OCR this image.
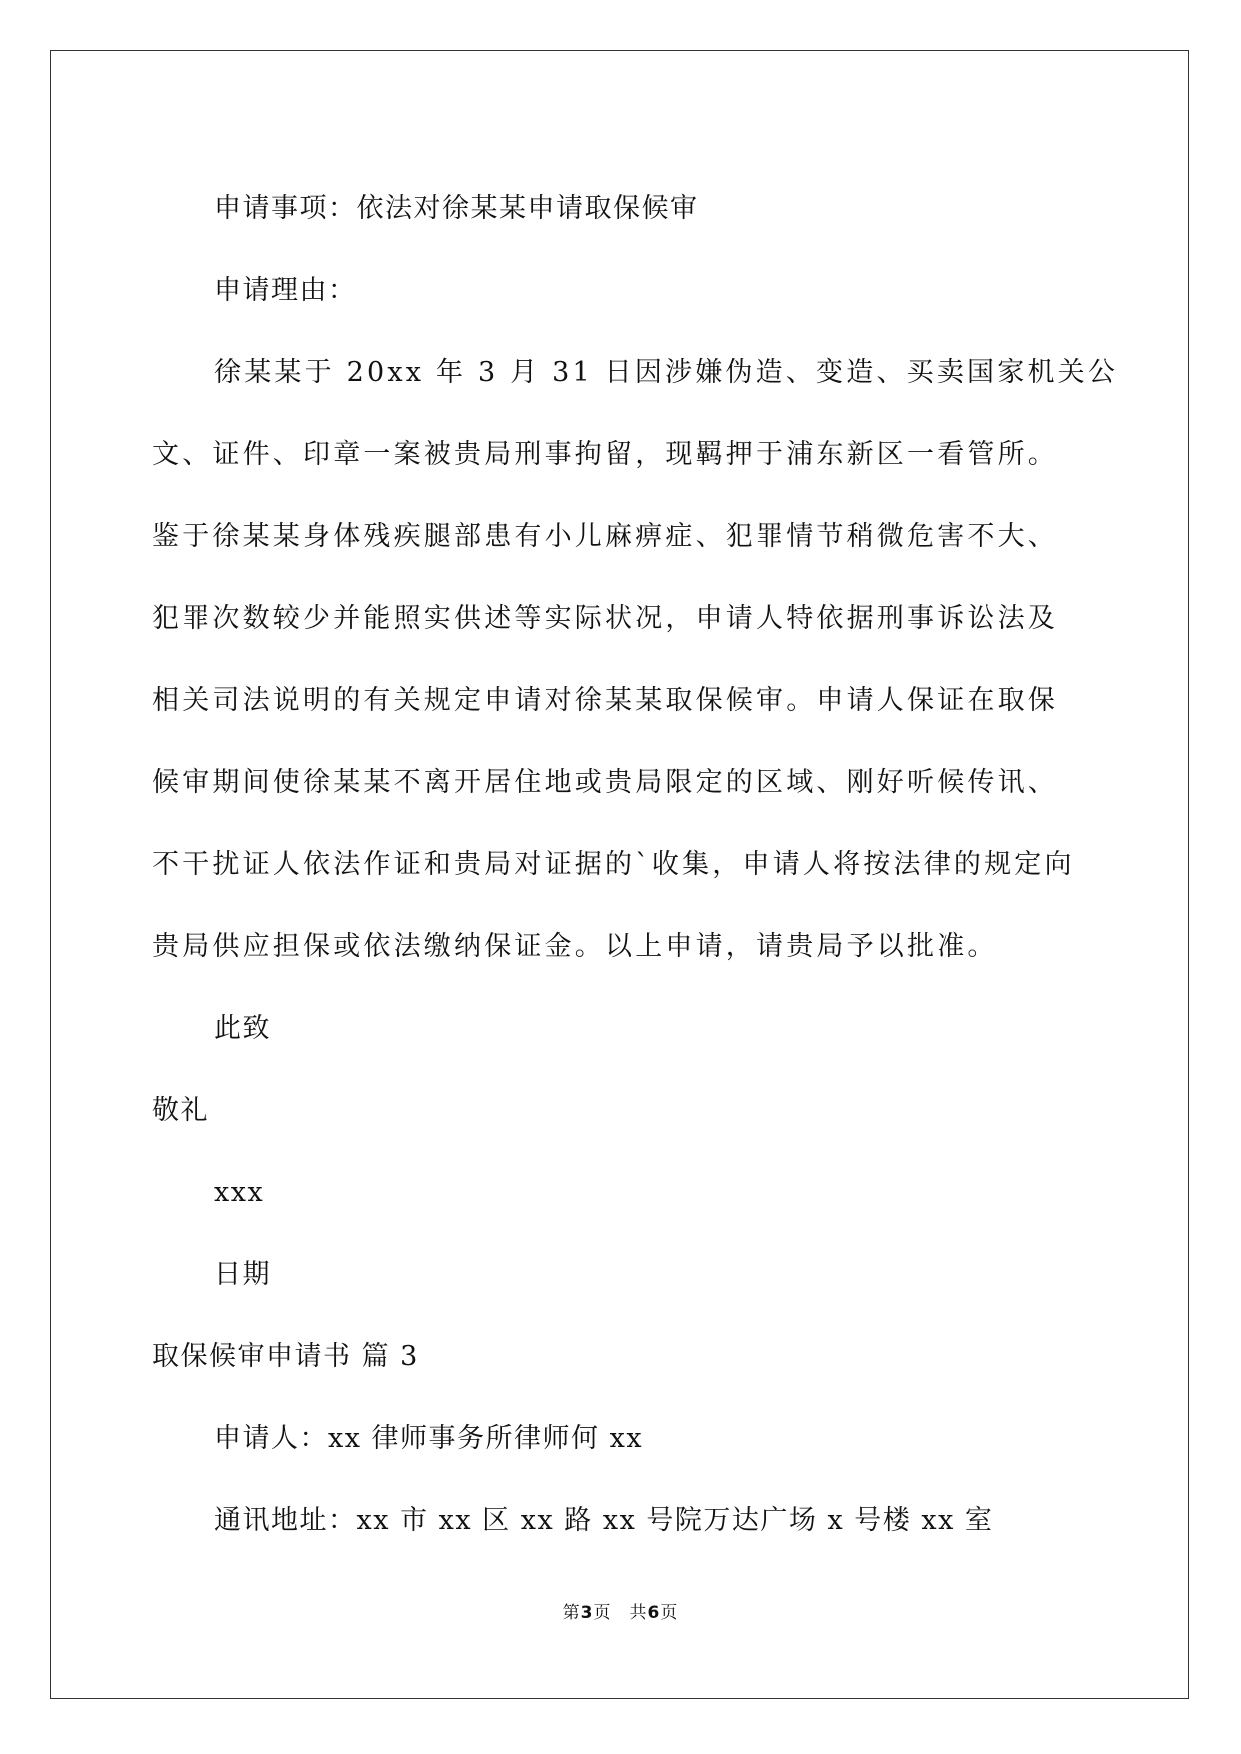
申请事项：依法对徐某某申请取保候审
申请理由：
徐某某于 20xx 年 3 月 31 日因涉嫌伪造、变造、买卖国家机关公
文、证件、印章一案被贵局刑事拘留，现羁押于浦东新区一看管所。
鉴于徐某某身体残疾腿部患有小儿麻痹症、犯罪情节稍微危害不大、
犯罪次数较少并能照实供述等实际状况，申请人特依据刑事诉讼法及
相关司法说明的有关规定申请对徐某某取保候审。申请人保证在取保
候审期间使徐某某不离开居住地或贵局限定的区域、刚好听候传讯、
不干扰证人依法作证和贵局对证据的`收集，申请人将按法律的规定向
贵局供应担保或依法缴纳保证金。以上申请，请贵局予以批准。
此致
敬礼
xxx
日期
取保候审申请书 篇 3
申请人：xx 律师事务所律师何 xx
通讯地址：xx 市 xx 区 xx 路 xx 号院万达广场 x 号楼 xx 室
第3页　共6页
